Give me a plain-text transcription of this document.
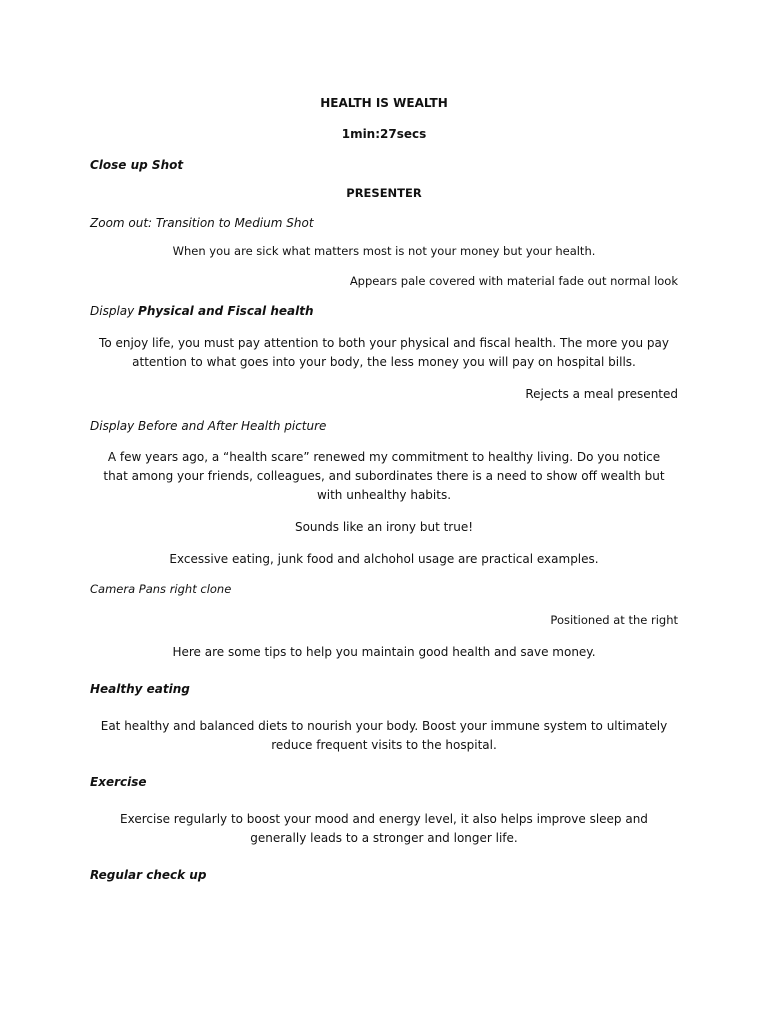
HEALTH IS WEALTH
1min:27secs
Close up Shot
PRESENTER
Zoom out: Transition to Medium Shot
When you are sick what matters most is not your money but your health.
Appears pale covered with material fade out normal look
Display Physical and Fiscal health
To enjoy life, you must pay attention to both your physical and fiscal health. The more you pay
attention to what goes into your body, the less money you will pay on hospital bills.
Rejects a meal presented
Display Before and After Health picture
A few years ago, a “health scare” renewed my commitment to healthy living. Do you notice
that among your friends, colleagues, and subordinates there is a need to show off wealth but
with unhealthy habits.
Sounds like an irony but true!
Excessive eating, junk food and alchohol usage are practical examples.
Camera Pans right clone
Positioned at the right
Here are some tips to help you maintain good health and save money.
Healthy eating
Eat healthy and balanced diets to nourish your body. Boost your immune system to ultimately
reduce frequent visits to the hospital.
Exercise
Exercise regularly to boost your mood and energy level, it also helps improve sleep and
generally leads to a stronger and longer life.
Regular check up
